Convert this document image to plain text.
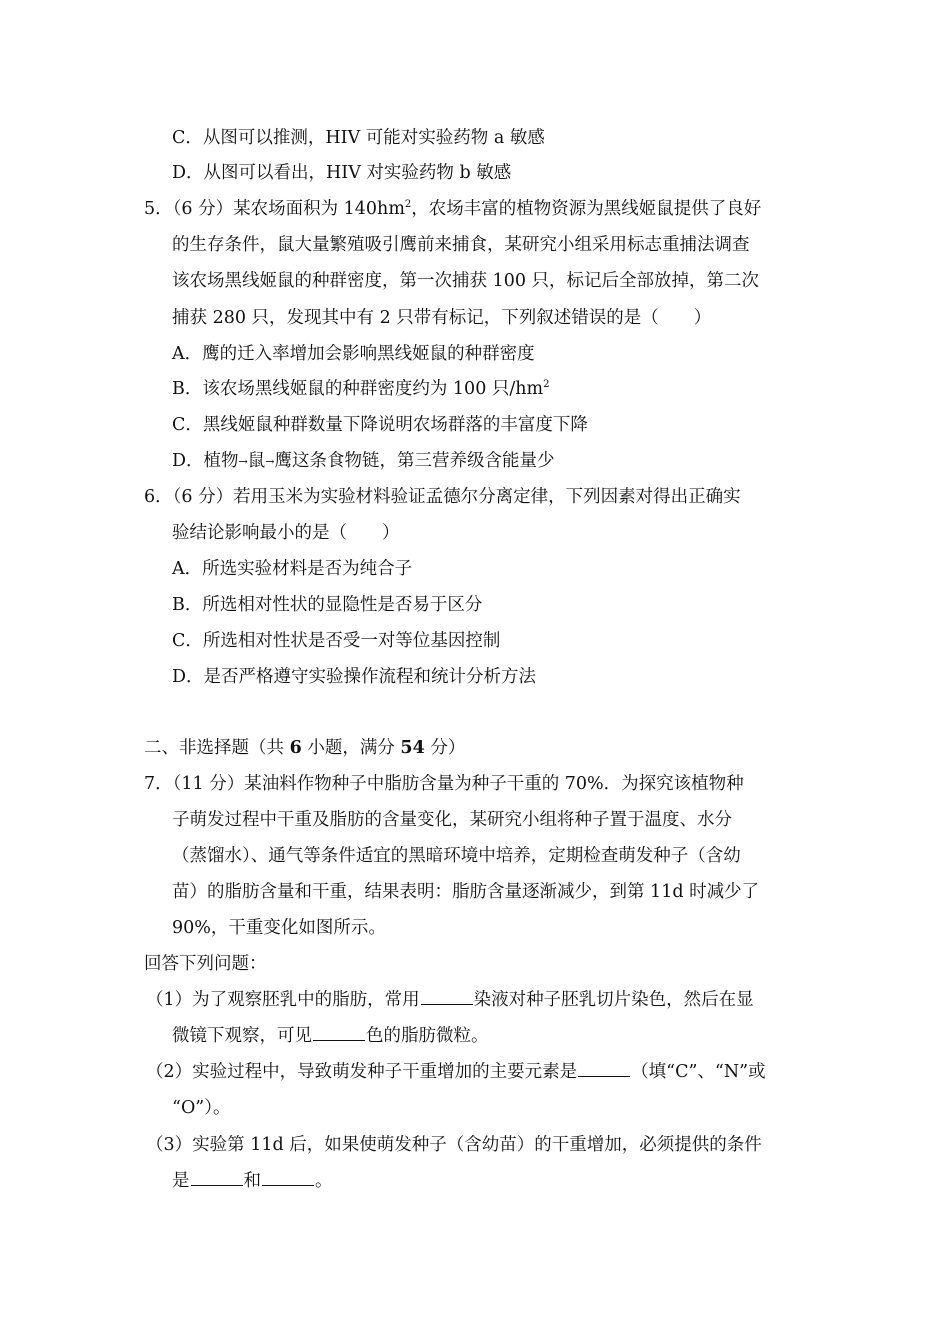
C．从图可以推测，HIV 可能对实验药物 a 敏感
D．从图可以看出，HIV 对实验药物 b 敏感
5．（6 分）某农场面积为 $140hm^2$，农场丰富的植物资源为黑线姬鼠提供了良好
的生存条件，鼠大量繁殖吸引鹰前来捕食，某研究小组采用标志重捕法调查
该农场黑线姬鼠的种群密度，第一次捕获 100 只，标记后全部放掉，第二次
捕获 280 只，发现其中有 2 只带有标记，下列叙述错误的是（　　）
A．鹰的迁入率增加会影响黑线姬鼠的种群密度
B．该农场黑线姬鼠的种群密度约为 100 只$/hm^2$
C．黑线姬鼠种群数量下降说明农场群落的丰富度下降
D．植物→鼠→鹰这条食物链，第三营养级含能量少
6．（6 分）若用玉米为实验材料验证孟德尔分离定律，下列因素对得出正确实
验结论影响最小的是（　　）
A．所选实验材料是否为纯合子
B．所选相对性状的显隐性是否易于区分
C．所选相对性状是否受一对等位基因控制
D．是否严格遵守实验操作流程和统计分析方法
二、非选择题（共 6 小题，满分 54 分）
7．（11 分）某油料作物种子中脂肪含量为种子干重的 70%．为探究该植物种
子萌发过程中干重及脂肪的含量变化，某研究小组将种子置于温度、水分
（蒸馏水）、通气等条件适宜的黑暗环境中培养，定期检查萌发种子（含幼
苗）的脂肪含量和干重，结果表明：脂肪含量逐渐减少，到第 11d 时减少了
90%，干重变化如图所示。
回答下列问题：
（1）为了观察胚乳中的脂肪，常用	染液对种子胚乳切片染色，然后在显
微镜下观察，可见	色的脂肪微粒。
（2）实验过程中，导致萌发种子干重增加的主要元素是	（填“C”、“N”或
“O”）。
（3）实验第 11d 后，如果使萌发种子（含幼苗）的干重增加，必须提供的条件
是	和	。
